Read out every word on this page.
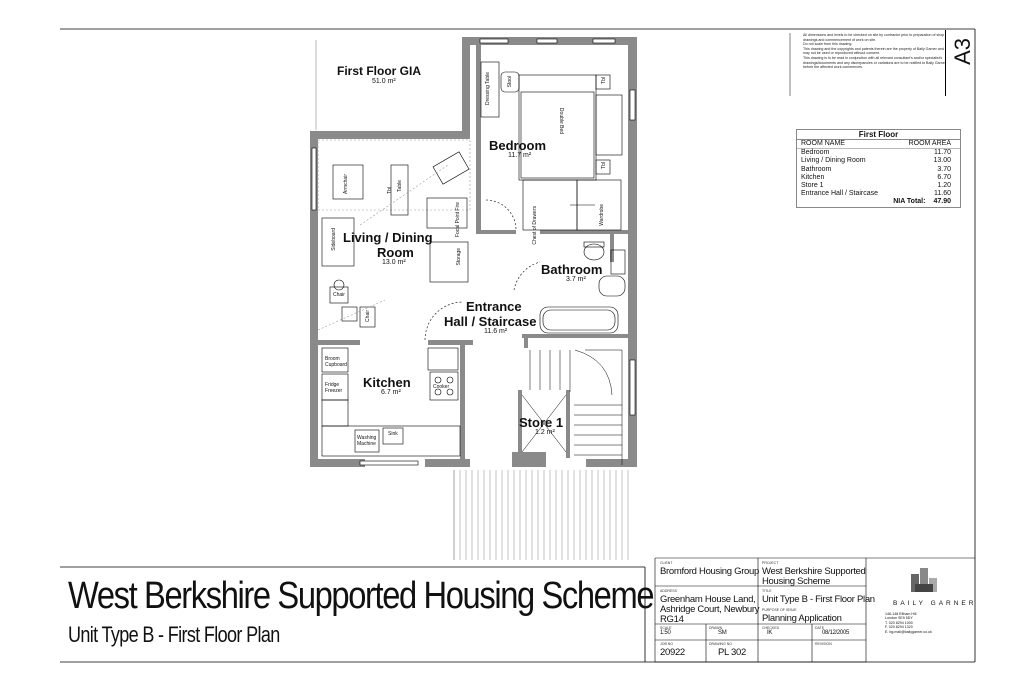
First Floor GIA
51.0 m²
Bedroom
11.7 m²
Living / Dining
Room
13.0 m²	Bathroom
3.7 m²
Entrance
Hall / Staircase
11.6 m²
Kitchen
6.7 m²
Store 1
1.2 m²
Dressing Table	Stool
Double Bed
Tbl
Tbl
Tbl
Chest of Drawers	Wardrobe
Armchair	Table
Focal Point Fire
Sideboard
Storage
Chair
Chair
Broom Cupboard
Fridge Freezer
Cooker
Washing Machine
Sink
All dimensions and levels to be checked on site by contractor prior to preparation of shop drawings and commencement of work on site.
Do not scale from this drawing.
This drawing and the copyrights and patents therein are the property of Baily Garner and may not be used or reproduced without consent.
This drawing is to be read in conjunction with all relevant consultant's and/or specialist's drawings/documents and any discrepancies or variations are to be notified to Baily Garner before the affected work commences.
A3
First Floor
ROOM NAME	ROOM AREA
Bedroom	11.70
Living / Dining Room	13.00
Bathroom	3.70
Kitchen	6.70
Store 1	1.20
Entrance Hall / Staircase	11.60
NIA Total: 47.90
West Berkshire Supported Housing Scheme
Unit Type B - First Floor Plan
CLIENT
Bromford Housing Group
PROJECT
West Berkshire Supported
Housing Scheme
ADDRESS
Greenham House Land,
Ashridge Court, Newbury
RG14
TITLE
Unit Type B - First Floor Plan
PURPOSE OF ISSUE
Planning Application
SCALE
1:50
DRAWN
SM
CHECKED
IK
DATE
08/12/2005
JOB NO
20922
DRAWING NO
PL 302
REVISION
BAILY GARNER
146-148 Eltham Hill
London SE9 5DY
T. 020 8294 1000
F. 020 8294 1320
E. bg.mail@bailygarner.co.uk
